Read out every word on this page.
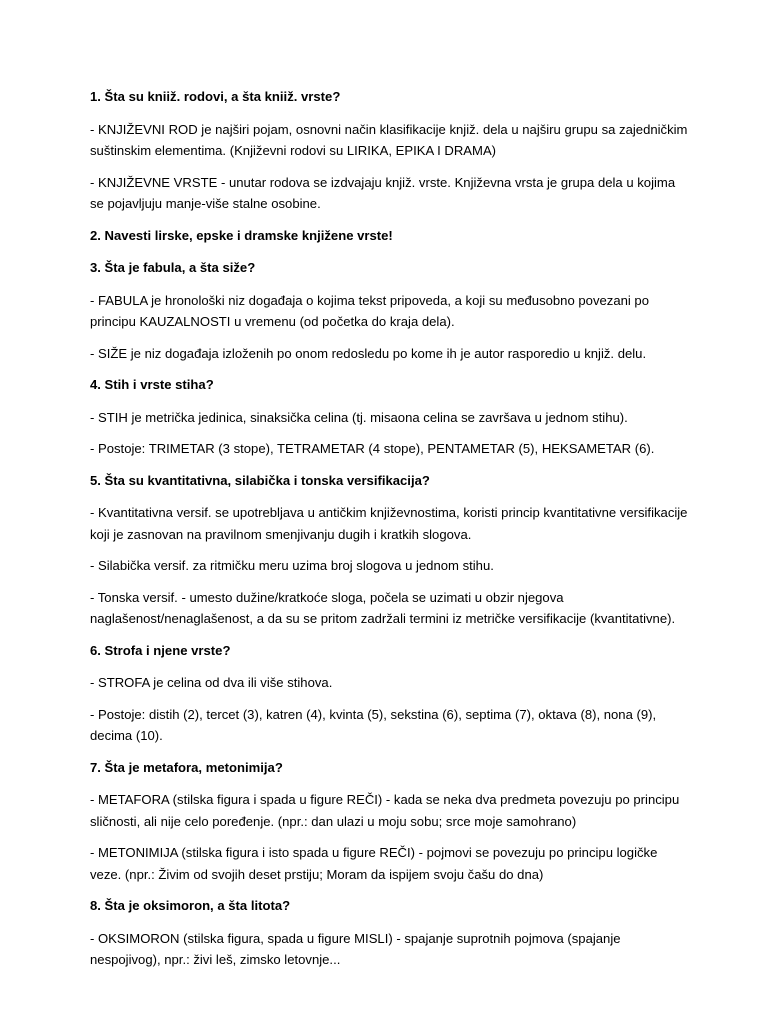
1. Šta su kniiž. rodovi, a šta kniiž. vrste?
- KNJIŽEVNI ROD je najširi pojam, osnovni način klasifikacije knjiž. dela u najširu grupu sa zajedničkim suštinskim elementima. (Književni rodovi su LIRIKA, EPIKA I DRAMA)
- KNJIŽEVNE VRSTE - unutar rodova se izdvajaju knjiž. vrste. Književna vrsta je grupa dela u kojima se pojavljuju manje-više stalne osobine.
2. Navesti lirske, epske i dramske knjižene vrste!
3. Šta je fabula, a šta siže?
- FABULA je hronološki niz događaja o kojima tekst pripoveda, a koji su međusobno povezani po principu KAUZALNOSTI u vremenu (od početka do kraja dela).
- SIŽE je niz događaja izloženih po onom redosledu po kome ih je autor rasporedio u knjiž. delu.
4. Stih i vrste stiha?
- STIH je metrička jedinica, sinaksička celina (tj. misaona celina se završava u jednom stihu).
- Postoje: TRIMETAR (3 stope), TETRAMETAR (4 stope), PENTAMETAR (5), HEKSAMETAR (6).
5. Šta su kvantitativna, silabička i tonska versifikacija?
- Kvantitativna versif. se upotrebljava u antičkim književnostima, koristi princip kvantitativne versifikacije koji je zasnovan na pravilnom smenjivanju dugih i kratkih slogova.
- Silabička versif. za ritmičku meru uzima broj slogova u jednom stihu.
- Tonska versif. - umesto dužine/kratkoće sloga, počela se uzimati u obzir njegova naglašenost/nenaglašenost, a da su se pritom zadržali termini iz metričke versifikacije (kvantitativne).
6. Strofa i njene vrste?
- STROFA je celina od dva ili više stihova.
- Postoje: distih (2), tercet (3), katren (4), kvinta (5), sekstina (6), septima (7), oktava (8), nona (9), decima (10).
7. Šta je metafora, metonimija?
- METAFORA (stilska figura i spada u figure REČI) - kada se neka dva predmeta povezuju po principu sličnosti, ali nije celo poređenje. (npr.: dan ulazi u moju sobu; srce moje samohrano)
- METONIMIJA (stilska figura i isto spada u figure REČI) - pojmovi se povezuju po principu logičke veze. (npr.: Živim od svojih deset prstiju; Moram da ispijem svoju čašu do dna)
8. Šta je oksimoron, a šta litota?
- OKSIMORON (stilska figura, spada u figure MISLI) - spajanje suprotnih pojmova (spajanje nespojivog), npr.: živi leš, zimsko letovnje...
